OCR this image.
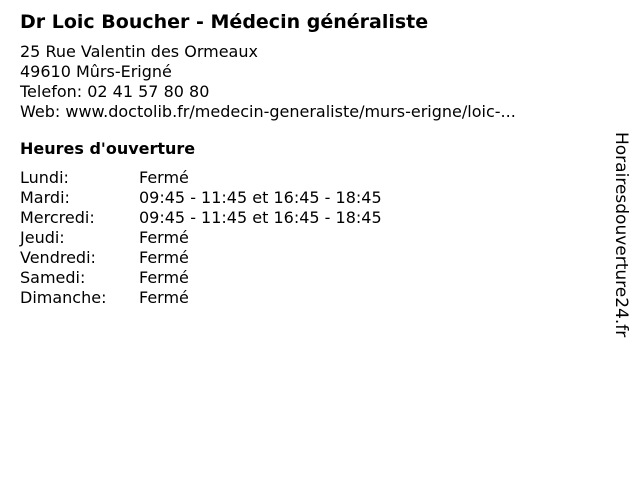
Dr Loic Boucher - Médecin généraliste
25 Rue Valentin des Ormeaux
49610 Mûrs-Erigné
Telefon: 02 41 57 80 80
Web: www.doctolib.fr/medecin-generaliste/murs-erigne/loic-...
Heures d'ouverture
Lundi:	Fermé
Mardi:	09:45 - 11:45 et 16:45 - 18:45
Mercredi:	09:45 - 11:45 et 16:45 - 18:45
Jeudi:	Fermé
Vendredi:	Fermé
Samedi:	Fermé
Dimanche:	Fermé	Horairesdouverture24.fr
